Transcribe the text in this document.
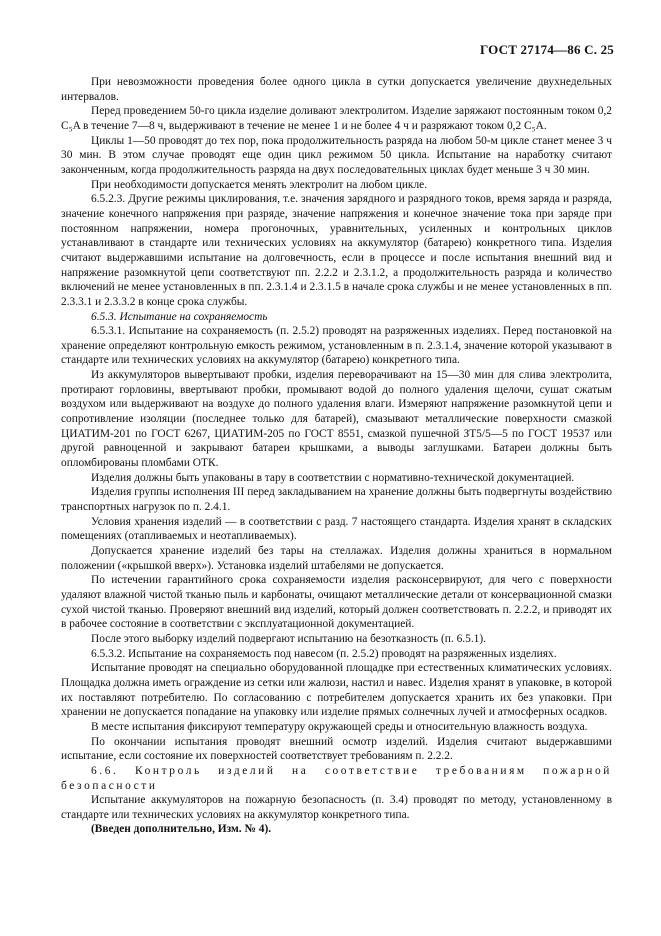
ГОСТ 27174—86 С. 25

При невозможности проведения более одного цикла в сутки допускается увеличение двухнедельных интервалов.

Перед проведением 50-го цикла изделие доливают электролитом. Изделие заряжают постоянным током 0,2 C₅A в течение 7—8 ч, выдерживают в течение не менее 1 и не более 4 ч и разряжают током 0,2 C₅A.

Циклы 1—50 проводят до тех пор, пока продолжительность разряда на любом 50-м цикле станет менее 3 ч 30 мин. В этом случае проводят еще один цикл режимом 50 цикла. Испытание на наработку считают законченным, когда продолжительность разряда на двух последовательных циклах будет меньше 3 ч 30 мин.

При необходимости допускается менять электролит на любом цикле.

6.5.2.3. Другие режимы циклирования, т.е. значения зарядного и разрядного токов, время заряда и разряда, значение конечного напряжения при разряде, значение напряжения и конечное значение тока при заряде при постоянном напряжении, номера прогоночных, уравнительных, усиленных и контрольных циклов устанавливают в стандарте или технических условиях на аккумулятор (батарею) конкретного типа. Изделия считают выдержавшими испытание на долговечность, если в процессе и после испытания внешний вид и напряжение разомкнутой цепи соответствуют пп. 2.2.2 и 2.3.1.2, а продолжительность разряда и количество включений не менее установленных в пп. 2.3.1.4 и 2.3.1.5 в начале срока службы и не менее установленных в пп. 2.3.3.1 и 2.3.3.2 в конце срока службы.

6.5.3. Испытание на сохраняемость

6.5.3.1. Испытание на сохраняемость (п. 2.5.2) проводят на разряженных изделиях. Перед постановкой на хранение определяют контрольную емкость режимом, установленным в п. 2.3.1.4, значение которой указывают в стандарте или технических условиях на аккумулятор (батарею) конкретного типа.

Из аккумуляторов вывертывают пробки, изделия переворачивают на 15—30 мин для слива электролита, протирают горловины, ввертывают пробки, промывают водой до полного удаления щелочи, сушат сжатым воздухом или выдерживают на воздухе до полного удаления влаги. Измеряют напряжение разомкнутой цепи и сопротивление изоляции (последнее только для батарей), смазывают металлические поверхности смазкой ЦИАТИМ-201 по ГОСТ 6267, ЦИАТИМ-205 по ГОСТ 8551, смазкой пушечной ЗТ5/5—5 по ГОСТ 19537 или другой равноценной и закрывают батареи крышками, а выводы заглушками. Батареи должны быть опломбированы пломбами ОТК.

Изделия должны быть упакованы в тару в соответствии с нормативно-технической документацией.

Изделия группы исполнения III перед закладыванием на хранение должны быть подвергнуты воздействию транспортных нагрузок по п. 2.4.1.

Условия хранения изделий — в соответствии с разд. 7 настоящего стандарта. Изделия хранят в складских помещениях (отапливаемых и неотапливаемых).

Допускается хранение изделий без тары на стеллажах. Изделия должны храниться в нормальном положении («крышкой вверх»). Установка изделий штабелями не допускается.

По истечении гарантийного срока сохраняемости изделия расконсервируют, для чего с поверхности удаляют влажной чистой тканью пыль и карбонаты, очищают металлические детали от консервационной смазки сухой чистой тканью. Проверяют внешний вид изделий, который должен соответствовать п. 2.2.2, и приводят их в рабочее состояние в соответствии с эксплуатационной документацией.

После этого выборку изделий подвергают испытанию на безотказность (п. 6.5.1).

6.5.3.2. Испытание на сохраняемость под навесом (п. 2.5.2) проводят на разряженных изделиях.

Испытание проводят на специально оборудованной площадке при естественных климатических условиях. Площадка должна иметь ограждение из сетки или жалюзи, настил и навес. Изделия хранят в упаковке, в которой их поставляют потребителю. По согласованию с потребителем допускается хранить их без упаковки. При хранении не допускается попадание на упаковку или изделие прямых солнечных лучей и атмосферных осадков.

В месте испытания фиксируют температуру окружающей среды и относительную влажность воздуха.

По окончании испытания проводят внешний осмотр изделий. Изделия считают выдержавшими испытание, если состояние их поверхностей соответствует требованиям п. 2.2.2.

6.6. Контроль изделий на соответствие требованиям пожарной безопасности

Испытание аккумуляторов на пожарную безопасность (п. 3.4) проводят по методу, установленному в стандарте или технических условиях на аккумулятор конкретного типа.

(Введен дополнительно, Изм. № 4).
